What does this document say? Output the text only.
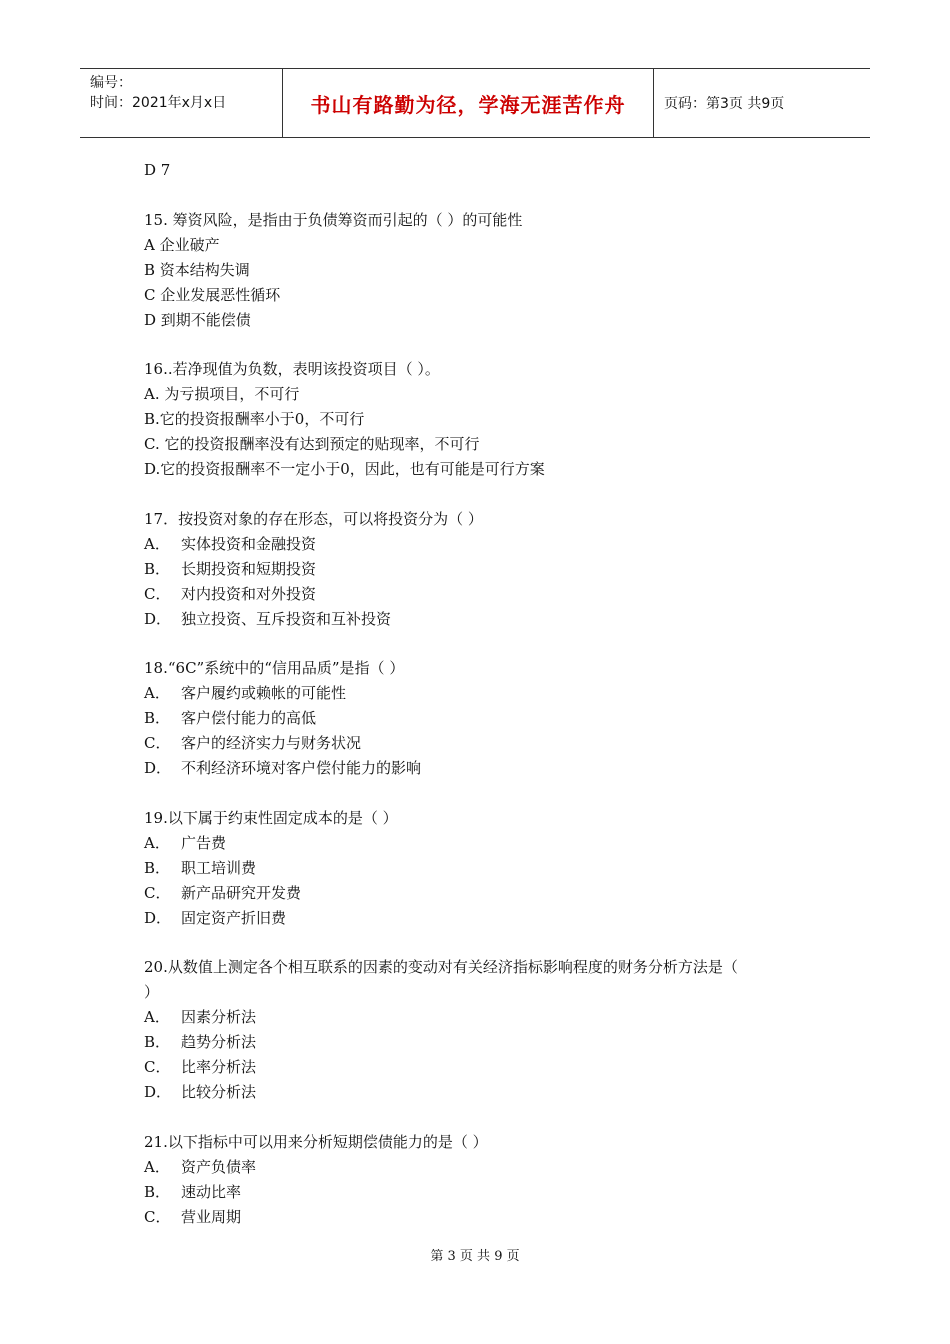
编号：
时间：2021年x月x日	书山有路勤为径，学海无涯苦作舟	页码：第3页 共9页
D 7
15. 筹资风险，是指由于负债筹资而引起的（ ）的可能性
A 企业破产
B 资本结构失调
C 企业发展恶性循环
D 到期不能偿债
16..若净现值为负数，表明该投资项目（ ）。
A. 为亏损项目，不可行
B.它的投资报酬率小于0，不可行
C. 它的投资报酬率没有达到预定的贴现率，不可行
D.它的投资报酬率不一定小于0，因此，也有可能是可行方案
17．按投资对象的存在形态，可以将投资分为（ ）
A． 实体投资和金融投资
B． 长期投资和短期投资
C． 对内投资和对外投资
D． 独立投资、互斥投资和互补投资
18.“6C”系统中的“信用品质”是指（ ）
A． 客户履约或赖帐的可能性
B． 客户偿付能力的高低
C． 客户的经济实力与财务状况
D． 不利经济环境对客户偿付能力的影响
19.以下属于约束性固定成本的是（ ）
A． 广告费
B． 职工培训费
C． 新产品研究开发费
D． 固定资产折旧费
20.从数值上测定各个相互联系的因素的变动对有关经济指标影响程度的财务分析方法是（
）
A． 因素分析法
B． 趋势分析法
C． 比率分析法
D． 比较分析法
21.以下指标中可以用来分析短期偿债能力的是（ ）
A． 资产负债率
B． 速动比率
C． 营业周期
第 3 页 共 9 页
